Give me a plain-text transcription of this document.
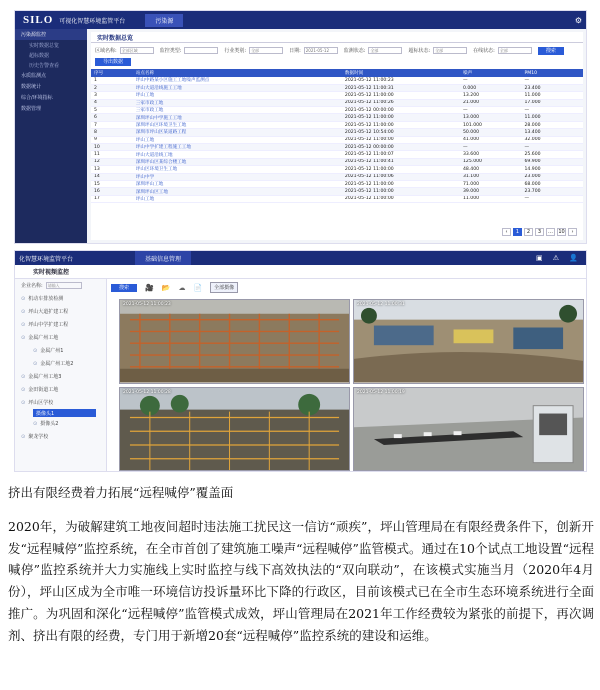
SILO	可视化智慧环境监管平台	污染源	⚙
污染源监控
实时数据总览
超标数据
历史告警查看
水质监测点
数据统计
综合/环境指标
数据管理
实时数据总览
区域名称:	全部区域	监控类型:	行业类别:	全部	日期:	2021-05-12	监测状态:	全部	超标状态:	全部	在线状态:	全部	搜索
导出数据
序号	站点名称	数据时间	噪声	PM10
1	坪山中路某小区施工工地噪声监测点	2021-05-12 11:00:23	—	—
2	坪山大道沿线施工工地	2021-05-12 11:00:31	0.000	23.400
3	坪山工地	2021-05-12 11:00:00	13.200	11.000
4	三家市政工地	2021-05-12 11:00:26	21.000	17.000
5	三家市政工地	2021-05-12 00:00:00	—	—
6	深圳坪山中学施工工地	2021-05-12 11:00:00	13.000	11.000
7	深圳坪山区环境卫生工地	2021-05-12 11:00:00	101.000	28.000
8	深圳市坪山区某道路工程	2021-05-12 10:54:00	50.000	13.400
9	坪山工地	2021-05-12 11:00:00	41.000	32.000
10	坪山中学扩建工程施工工地	2021-05-12 00:00:00	—	—
11	坪山大道沿线工地	2021-05-12 11:00:07	33.600	25.600
12	深圳坪山区某综合楼工地	2021-05-12 11:00:41	125.000	69.900
13	坪山区环境卫生工地	2021-05-12 11:00:00	48.400	14.900
14	坪山中学	2021-05-12 11:00:06	31.100	23.000
15	深圳坪山工地	2021-05-12 11:00:00	71.000	68.000
16	深圳坪山区工地	2021-05-12 11:00:00	39.000	23.700
17	坪山工地	2021-05-12 11:00:00	11.000	—
‹	1	2	3	…	10	›
化智慧环境监管平台	基础信息管理	▣ ⚠ 👤
实时视频监控
企业名称:	请输入
⊙ 机动车排放检测
⊙ 坪山大道扩建工程
⊙ 坪山中学扩建工程
⊙ 金属广州工地
⊙ 金属广州1
⊙ 金属广州工地2
⊙ 金属广州工地3
⊙ 金田街道工地
⊙ 坪山区学校
摄像头1
⊙ 摄像头2
⊙ 聚龙学校
搜索	🎥 📂 ☁ 📄	全部摄像
2021-05-12 11:00:23	2021-05-12 11:00:31
2021-05-12 11:00:28	2021-05-12 11:00:19
挤出有限经费着力拓展“远程喊停”覆盖面
2020年，为破解建筑工地夜间超时违法施工扰民这一信访“顽疾”，坪山管理局在有限经费条件下，创新开发“远程喊停”监控系统，在全市首创了建筑施工噪声“远程喊停”监管模式。通过在10个试点工地设置“远程喊停”监控系统并大力实施线上实时监控与线下高效执法的“双向联动”，在该模式实施当月（2020年4月份），坪山区成为全市唯一环境信访投诉量环比下降的行政区，目前该模式已在全市生态环境系统进行全面推广。为巩固和深化“远程喊停”监管模式成效，坪山管理局在2021年工作经费较为紧张的前提下，再次调剂、挤出有限的经费，专门用于新增20套“远程喊停”监控系统的建设和运维。
